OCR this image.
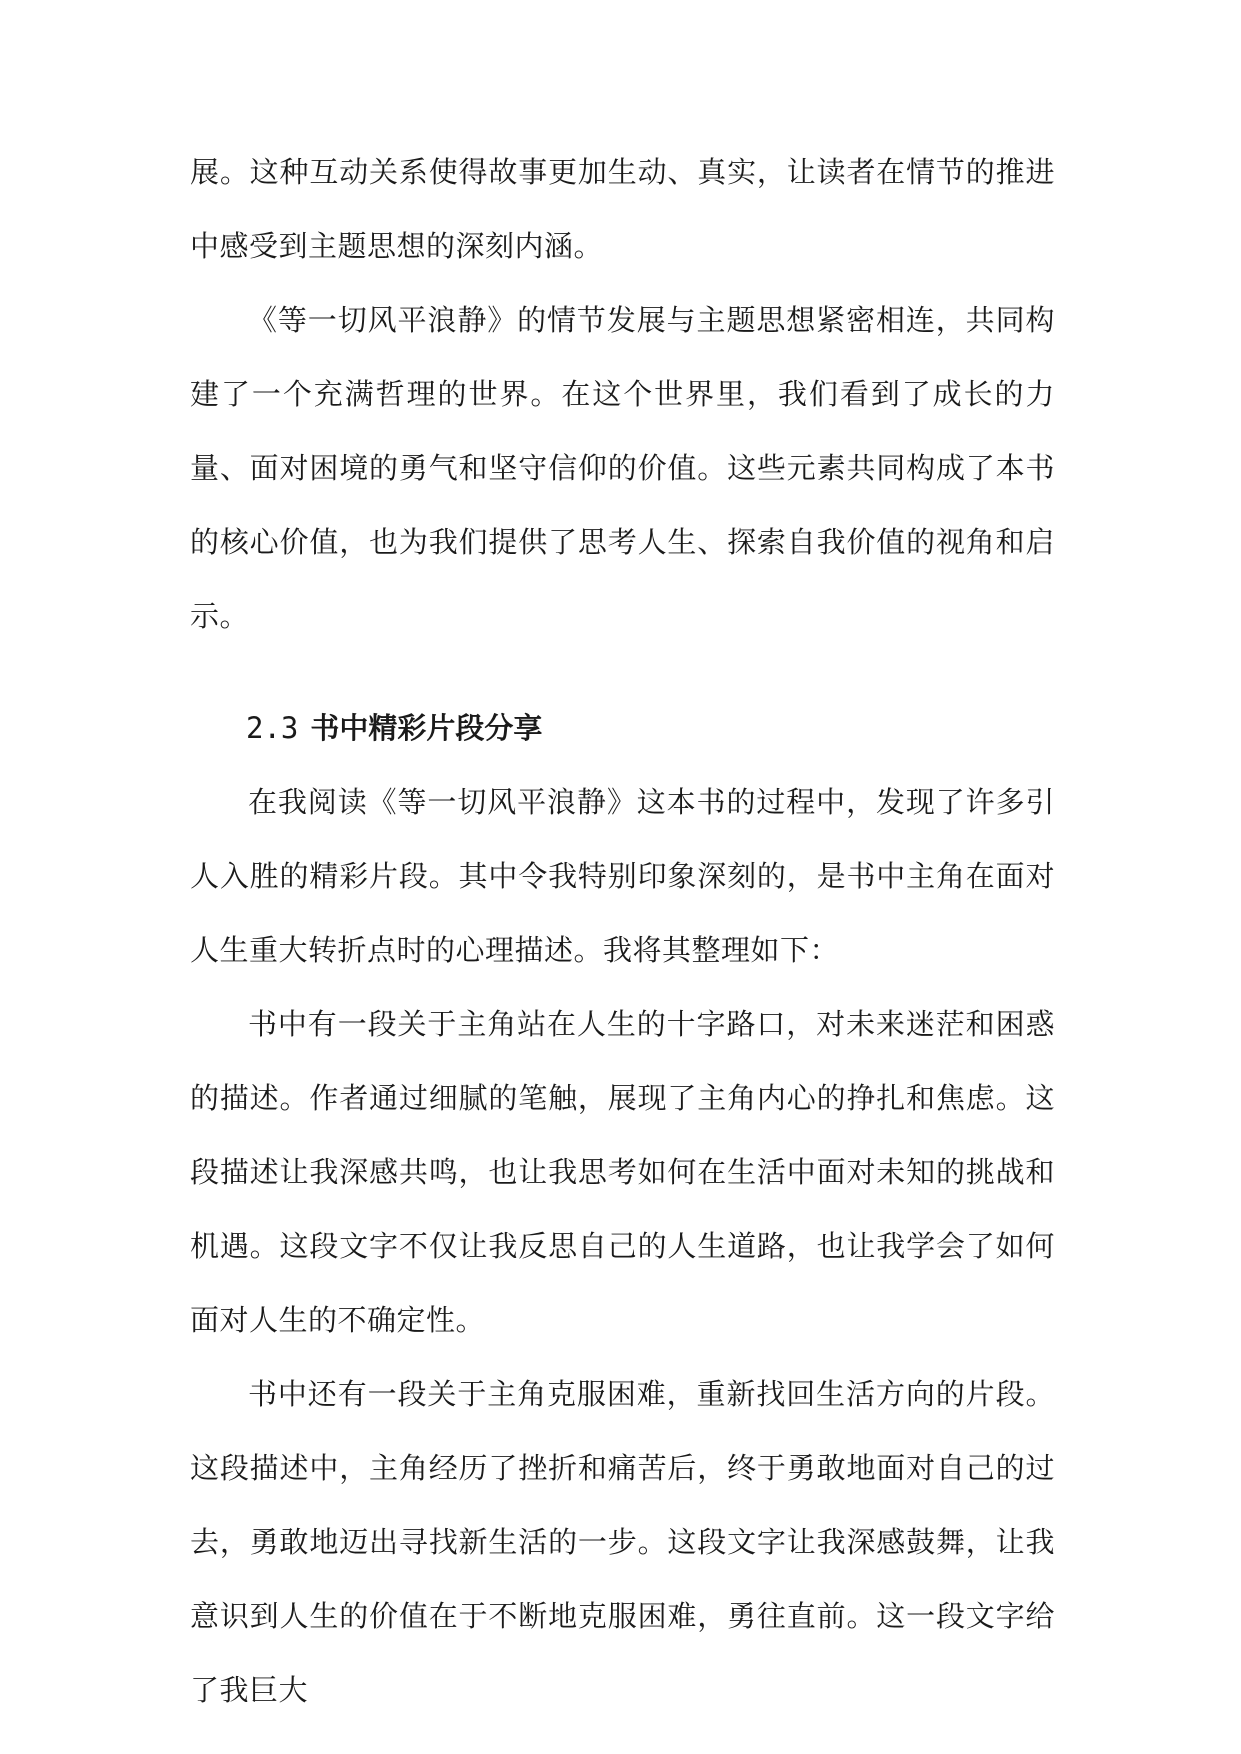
展。这种互动关系使得故事更加生动、真实，让读者在情节的推进中感受到主题思想的深刻内涵。

《等一切风平浪静》的情节发展与主题思想紧密相连，共同构建了一个充满哲理的世界。在这个世界里，我们看到了成长的力量、面对困境的勇气和坚守信仰的价值。这些元素共同构成了本书的核心价值，也为我们提供了思考人生、探索自我价值的视角和启示。

2.3 书中精彩片段分享

在我阅读《等一切风平浪静》这本书的过程中，发现了许多引人入胜的精彩片段。其中令我特别印象深刻的，是书中主角在面对人生重大转折点时的心理描述。我将其整理如下：

书中有一段关于主角站在人生的十字路口，对未来迷茫和困惑的描述。作者通过细腻的笔触，展现了主角内心的挣扎和焦虑。这段描述让我深感共鸣，也让我思考如何在生活中面对未知的挑战和机遇。这段文字不仅让我反思自己的人生道路，也让我学会了如何面对人生的不确定性。

书中还有一段关于主角克服困难，重新找回生活方向的片段。这段描述中，主角经历了挫折和痛苦后，终于勇敢地面对自己的过去，勇敢地迈出寻找新生活的一步。这段文字让我深感鼓舞，让我意识到人生的价值在于不断地克服困难，勇往直前。这一段文字给了我巨大
